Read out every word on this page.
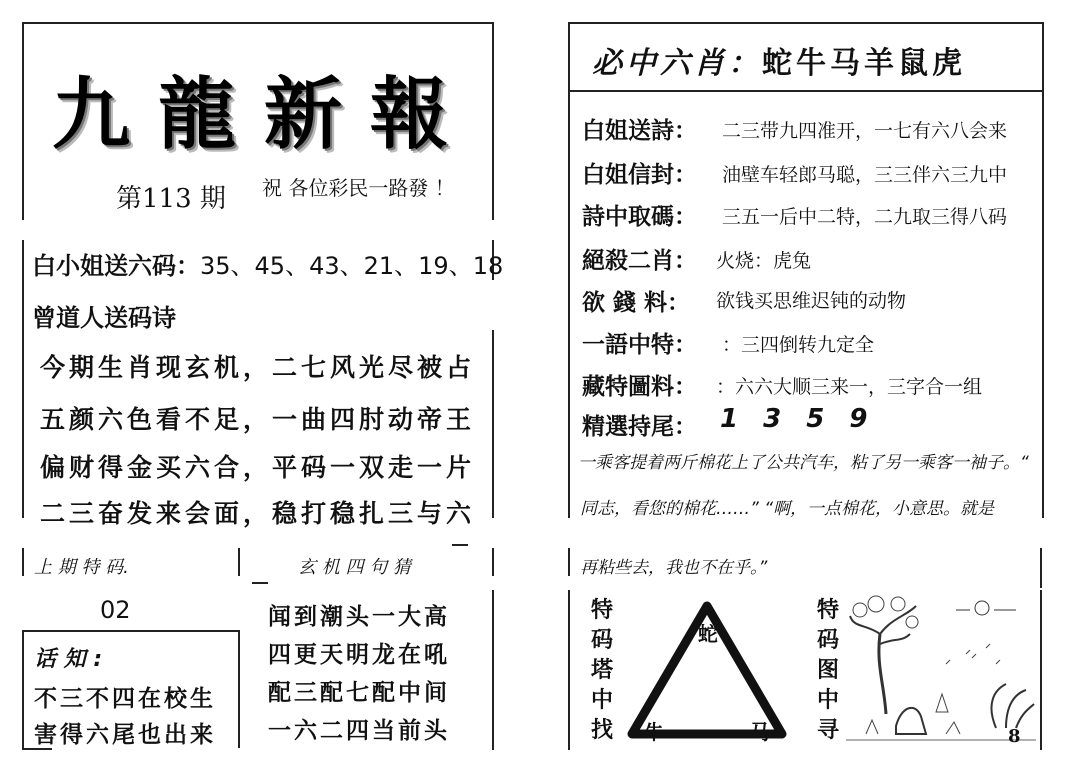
九龍新報
第113 期 祝 各位彩民一路發 ！
白小姐送六码：35、45、43、21、19、18
曾道人送码诗
今期生肖现玄机，二七风光尽被占
五颜六色看不足，一曲四肘动帝王
偏财得金买六合，平码一双走一片
二三奋发来会面，稳打稳扎三与六
上 期 特 码.
02
话 知 :
不三不四在校生
害得六尾也出来
玄 机 四 句 猜
闻到潮头一大高
四更天明龙在吼
配三配七配中间
一六二四当前头
必中六肖：蛇牛马羊鼠虎
白姐送詩： 二三带九四准开，一七有六八会来
白姐信封： 油壁车轻郎马聪，三三伴六三九中
詩中取碼： 三五一后中二特，二九取三得八码
絕殺二肖： 火烧：虎兔
欲 錢 料： 欲钱买思维迟钝的动物
一語中特： ：三四倒转九定全
藏特圖料： ：六六大顺三来一，三字合一组
精選持尾： 1 3 5 9
一乘客提着两斤棉花上了公共汽车，粘了另一乘客一袖子。“
同志，看您的棉花……” “啊，一点棉花，小意思。就是
再粘些去，我也不在乎。”
特
码
塔
中
找
蛇
牛	马
特
码
图
中
寻	8
